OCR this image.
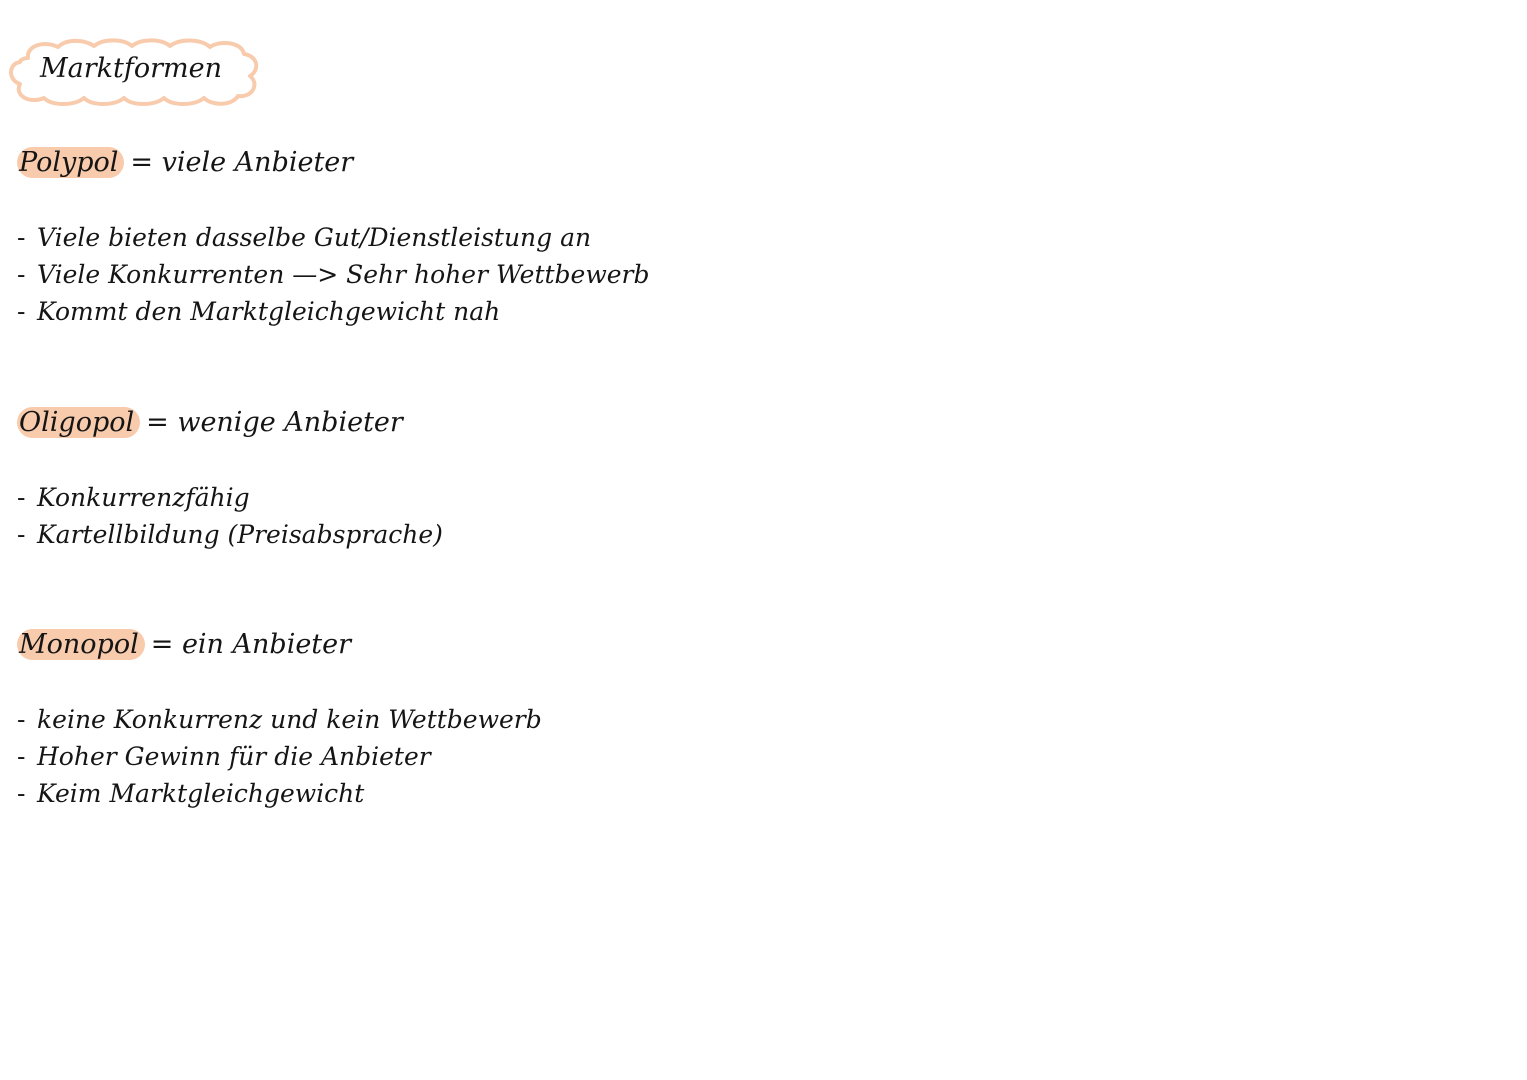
Marktformen
Polypol = viele Anbieter
- Viele bieten dasselbe Gut/Dienstleistung an
- Viele Konkurrenten —> Sehr hoher Wettbewerb
- Kommt den Marktgleichgewicht nah
Oligopol = wenige Anbieter
- Konkurrenzfähig
- Kartellbildung (Preisabsprache)
Monopol = ein Anbieter
- keine Konkurrenz und kein Wettbewerb
- Hoher Gewinn für die Anbieter
- Keim Marktgleichgewicht
